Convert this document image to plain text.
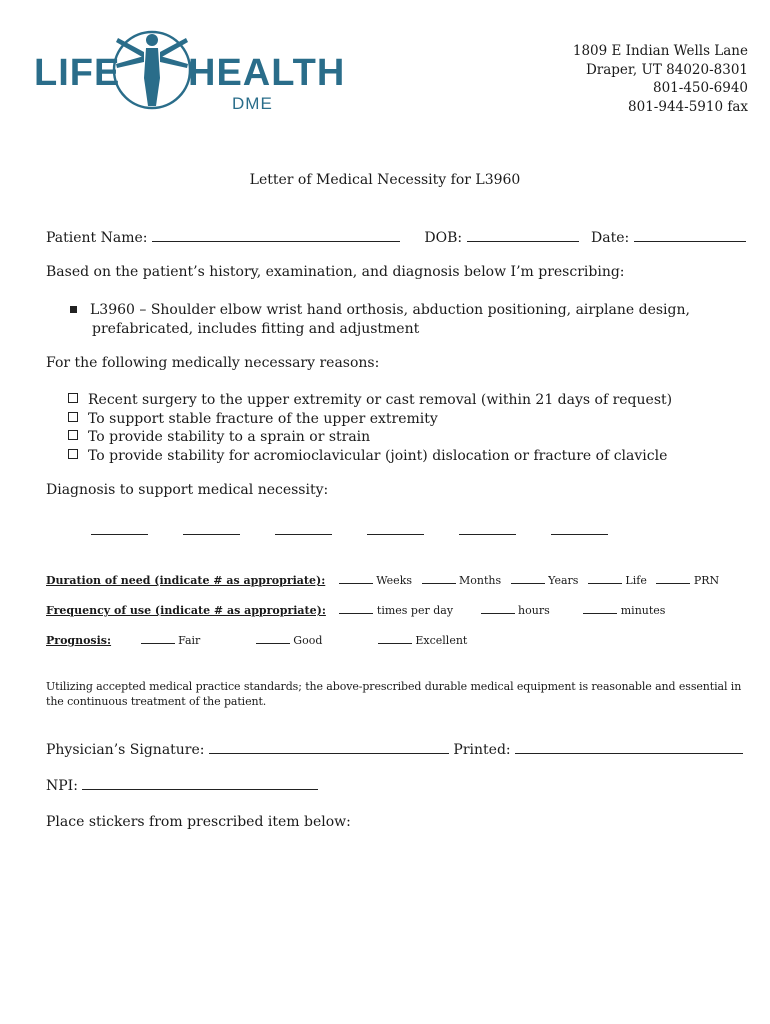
LIFE HEALTH
DME
1809 E Indian Wells Lane
Draper, UT 84020-8301
801-450-6940
801-944-5910 fax
Letter of Medical Necessity for L3960
Patient Name:	DOB:	Date:
Based on the patient’s history, examination, and diagnosis below I’m prescribing:
L3960 – Shoulder elbow wrist hand orthosis, abduction positioning, airplane design,
prefabricated, includes fitting and adjustment
For the following medically necessary reasons:
Recent surgery to the upper extremity or cast removal (within 21 days of request)
To support stable fracture of the upper extremity
To provide stability to a sprain or strain
To provide stability for acromioclavicular (joint) dislocation or fracture of clavicle
Diagnosis to support medical necessity:

Duration of need (indicate # as appropriate):	Weeks	Months	Years	Life	PRN
Frequency of use (indicate # as appropriate):	times per day	hours	minutes
Prognosis:	Fair	Good	Excellent
Utilizing accepted medical practice standards; the above-prescribed durable medical equipment is reasonable and essential in
the continuous treatment of the patient.
Physician’s Signature:	Printed:
NPI:
Place stickers from prescribed item below:
